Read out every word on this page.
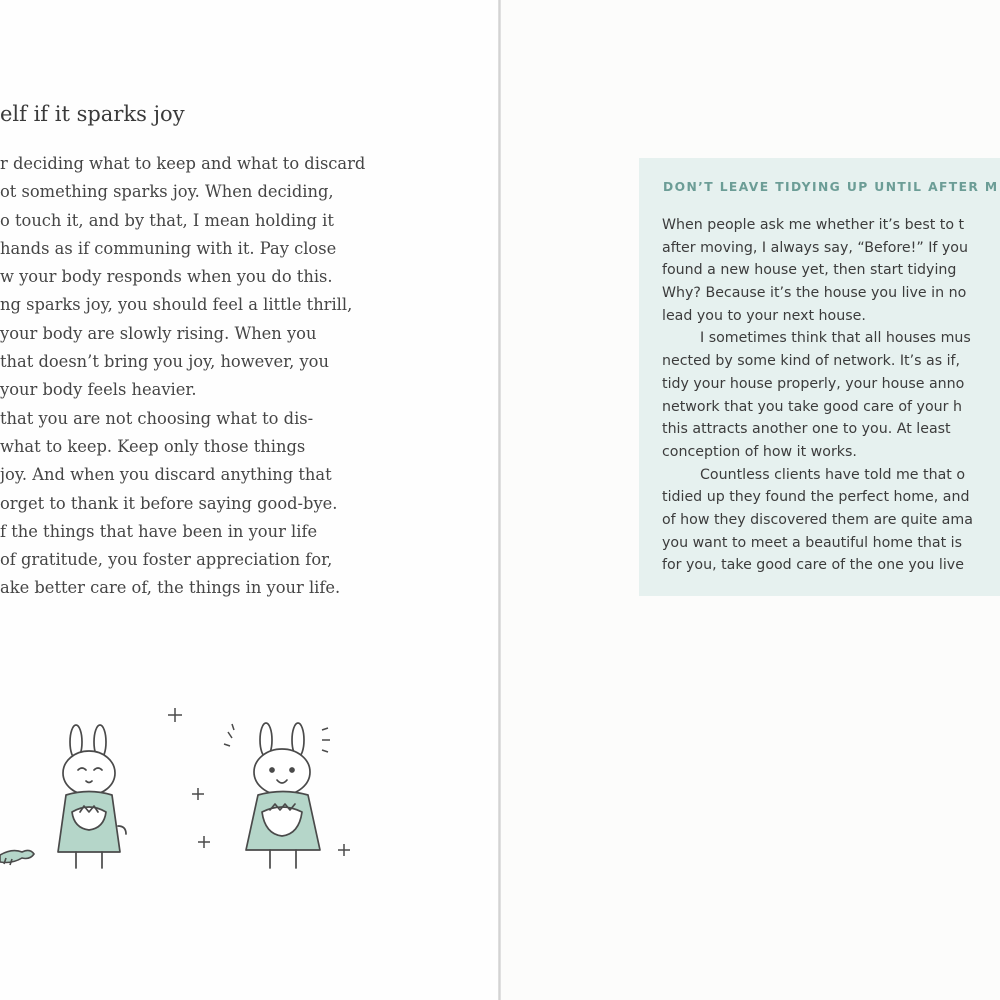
elf if it sparks joy
r deciding what to keep and what to discard
ot something sparks joy. When deciding,
o touch it, and by that, I mean holding it
hands as if communing with it. Pay close
w your body responds when you do this.
ng sparks joy, you should feel a little thrill,
your body are slowly rising. When you
that doesn’t bring you joy, however, you
your body feels heavier.
that you are not choosing what to dis-
what to keep. Keep only those things
joy. And when you discard anything that
orget to thank it before saying good-bye.
f the things that have been in your life
of gratitude, you foster appreciation for,
ake better care of, the things in your life.
DON’T LEAVE TIDYING UP UNTIL AFTER M
When people ask me whether it’s best to t
after moving, I always say, “Before!” If you
found a new house yet, then start tidying
Why? Because it’s the house you live in no
lead you to your next house.
I sometimes think that all houses mus
nected by some kind of network. It’s as if,
tidy your house properly, your house anno
network that you take good care of your h
this attracts another one to you. At least
conception of how it works.
Countless clients have told me that o
tidied up they found the perfect home, and
of how they discovered them are quite ama
you want to meet a beautiful home that is
for you, take good care of the one you live
